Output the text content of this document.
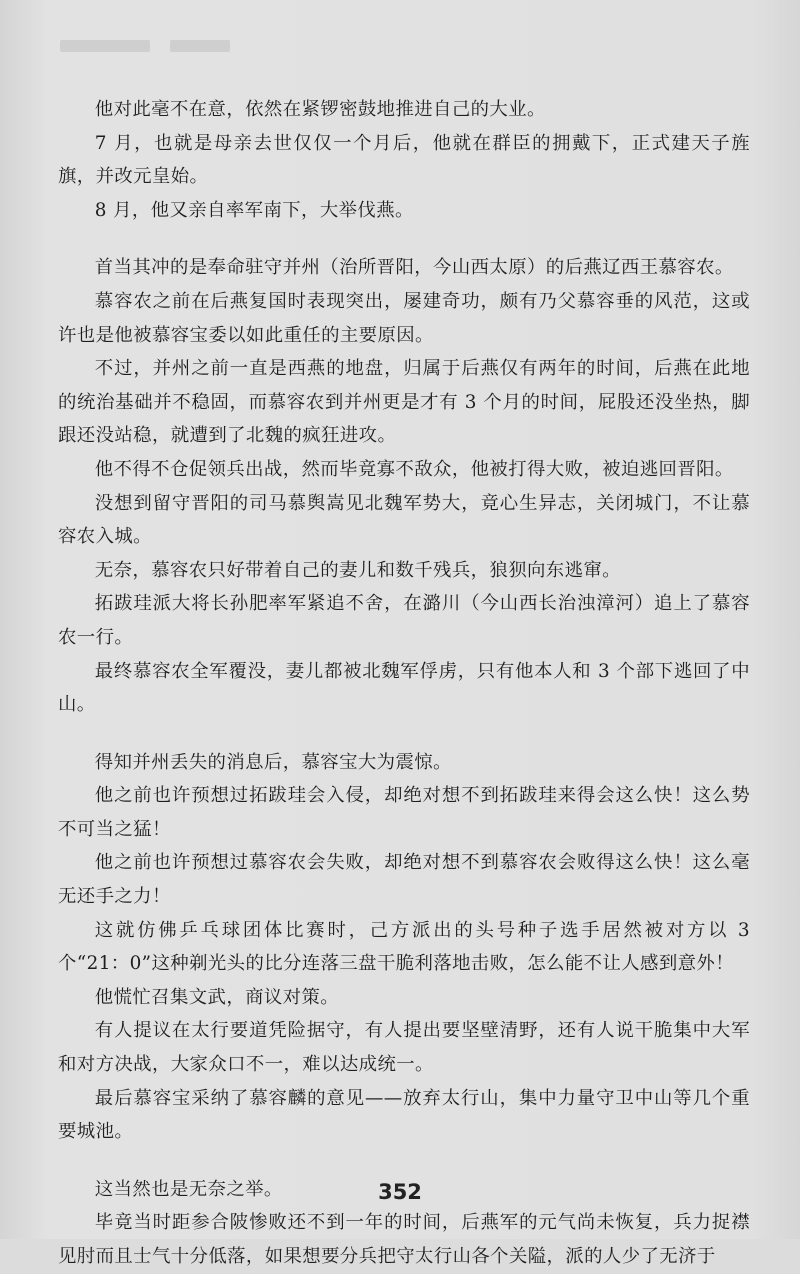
他对此毫不在意，依然在紧锣密鼓地推进自己的大业。

7 月，也就是母亲去世仅仅一个月后，他就在群臣的拥戴下，正式建天子旌旗，并改元皇始。

8 月，他又亲自率军南下，大举伐燕。

首当其冲的是奉命驻守并州（治所晋阳，今山西太原）的后燕辽西王慕容农。

慕容农之前在后燕复国时表现突出，屡建奇功，颇有乃父慕容垂的风范，这或许也是他被慕容宝委以如此重任的主要原因。

不过，并州之前一直是西燕的地盘，归属于后燕仅有两年的时间，后燕在此地的统治基础并不稳固，而慕容农到并州更是才有 3 个月的时间，屁股还没坐热，脚跟还没站稳，就遭到了北魏的疯狂进攻。

他不得不仓促领兵出战，然而毕竟寡不敌众，他被打得大败，被迫逃回晋阳。

没想到留守晋阳的司马慕舆嵩见北魏军势大，竟心生异志，关闭城门，不让慕容农入城。

无奈，慕容农只好带着自己的妻儿和数千残兵，狼狈向东逃窜。

拓跋珪派大将长孙肥率军紧追不舍，在潞川（今山西长治浊漳河）追上了慕容农一行。

最终慕容农全军覆没，妻儿都被北魏军俘虏，只有他本人和 3 个部下逃回了中山。

得知并州丢失的消息后，慕容宝大为震惊。

他之前也许预想过拓跋珪会入侵，却绝对想不到拓跋珪来得会这么快！这么势不可当之猛！

他之前也许预想过慕容农会失败，却绝对想不到慕容农会败得这么快！这么毫无还手之力！

这就仿佛乒乓球团体比赛时，己方派出的头号种子选手居然被对方以 3 个“21：0”这种剃光头的比分连落三盘干脆利落地击败，怎么能不让人感到意外！

他慌忙召集文武，商议对策。

有人提议在太行要道凭险据守，有人提出要坚壁清野，还有人说干脆集中大军和对方决战，大家众口不一，难以达成统一。

最后慕容宝采纳了慕容麟的意见——放弃太行山，集中力量守卫中山等几个重要城池。

这当然也是无奈之举。

毕竟当时距参合陂惨败还不到一年的时间，后燕军的元气尚未恢复，兵力捉襟见肘而且士气十分低落，如果想要分兵把守太行山各个关隘，派的人少了无济于

352
